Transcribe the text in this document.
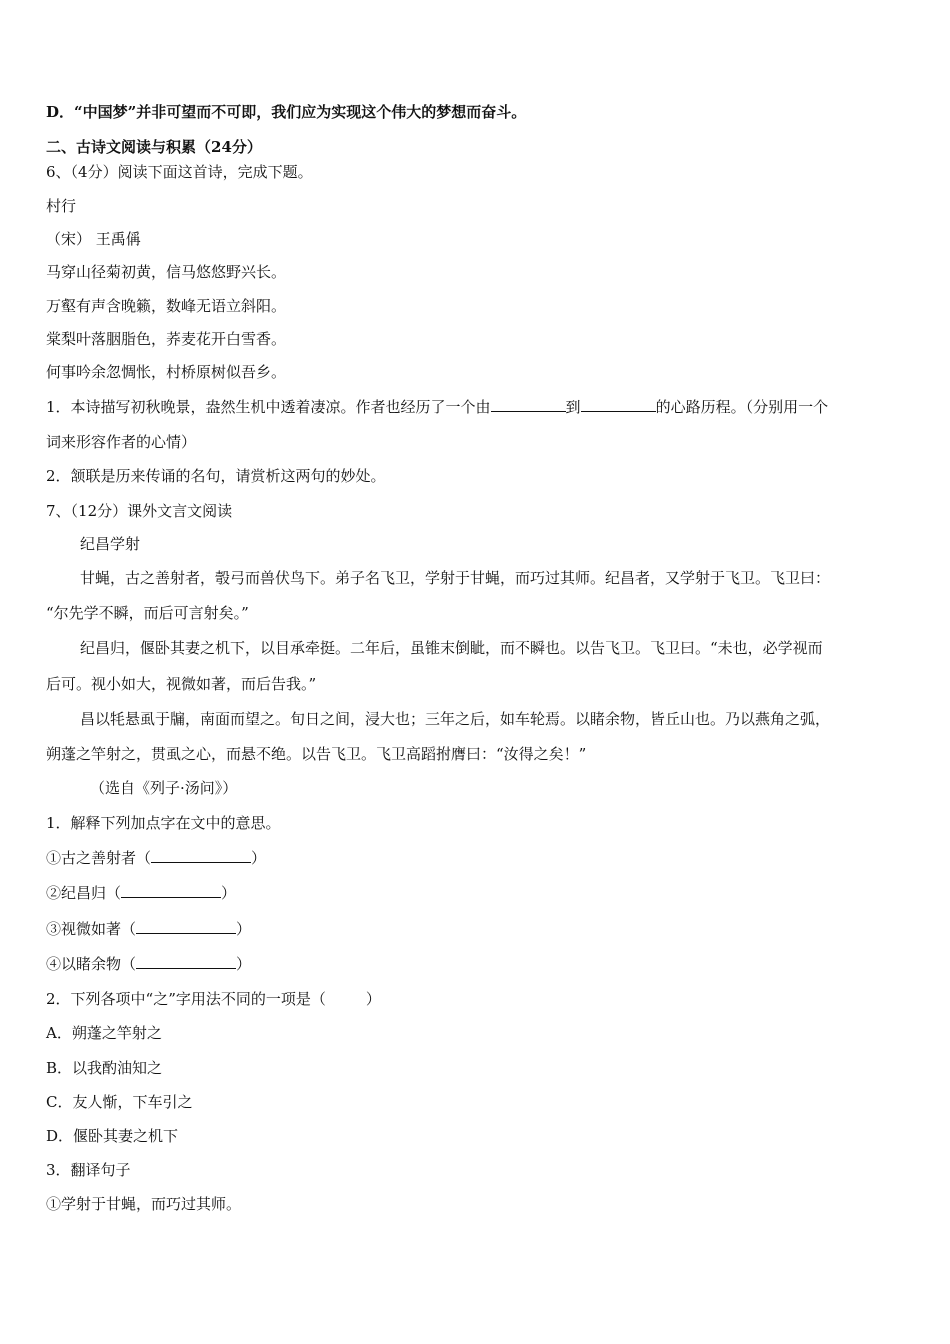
D．“中国梦”并非可望而不可即，我们应为实现这个伟大的梦想而奋斗。
二、古诗文阅读与积累（24分）
6、（4分）阅读下面这首诗，完成下题。
村行
（宋） 王禹偁
马穿山径菊初黄，信马悠悠野兴长。
万壑有声含晚籁，数峰无语立斜阳。
棠梨叶落胭脂色，荞麦花开白雪香。
何事吟余忽惆怅，村桥原树似吾乡。
1．本诗描写初秋晚景，盎然生机中透着凄凉。作者也经历了一个由	到	的心路历程。（分别用一个
词来形容作者的心情）
2．颔联是历来传诵的名句，请赏析这两句的妙处。
7、（12分）课外文言文阅读
纪昌学射
甘蝇，古之善射者，彀弓而兽伏鸟下。弟子名飞卫，学射于甘蝇，而巧过其师。纪昌者，又学射于飞卫。飞卫曰：
“尔先学不瞬，而后可言射矣。”
纪昌归，偃卧其妻之机下，以目承牵挺。二年后，虽锥末倒眦，而不瞬也。以告飞卫。飞卫曰。“未也，必学视而
后可。视小如大，视微如著，而后告我。”
昌以牦悬虱于牖，南面而望之。旬日之间，浸大也；三年之后，如车轮焉。以睹余物，皆丘山也。乃以燕角之弧，
朔蓬之竿射之，贯虱之心，而悬不绝。以告飞卫。飞卫高蹈拊膺曰：“汝得之矣！”
（选自《列子·汤问》）
1．解释下列加点字在文中的意思。
①古之善射者（	）
②纪昌归（	）
③视微如著（	）
④以睹余物（	）
2．下列各项中“之”字用法不同的一项是（	）
A．朔蓬之竿射之
B．以我酌油知之
C．友人惭，下车引之
D．偃卧其妻之机下
3．翻译句子
①学射于甘蝇，而巧过其师。
